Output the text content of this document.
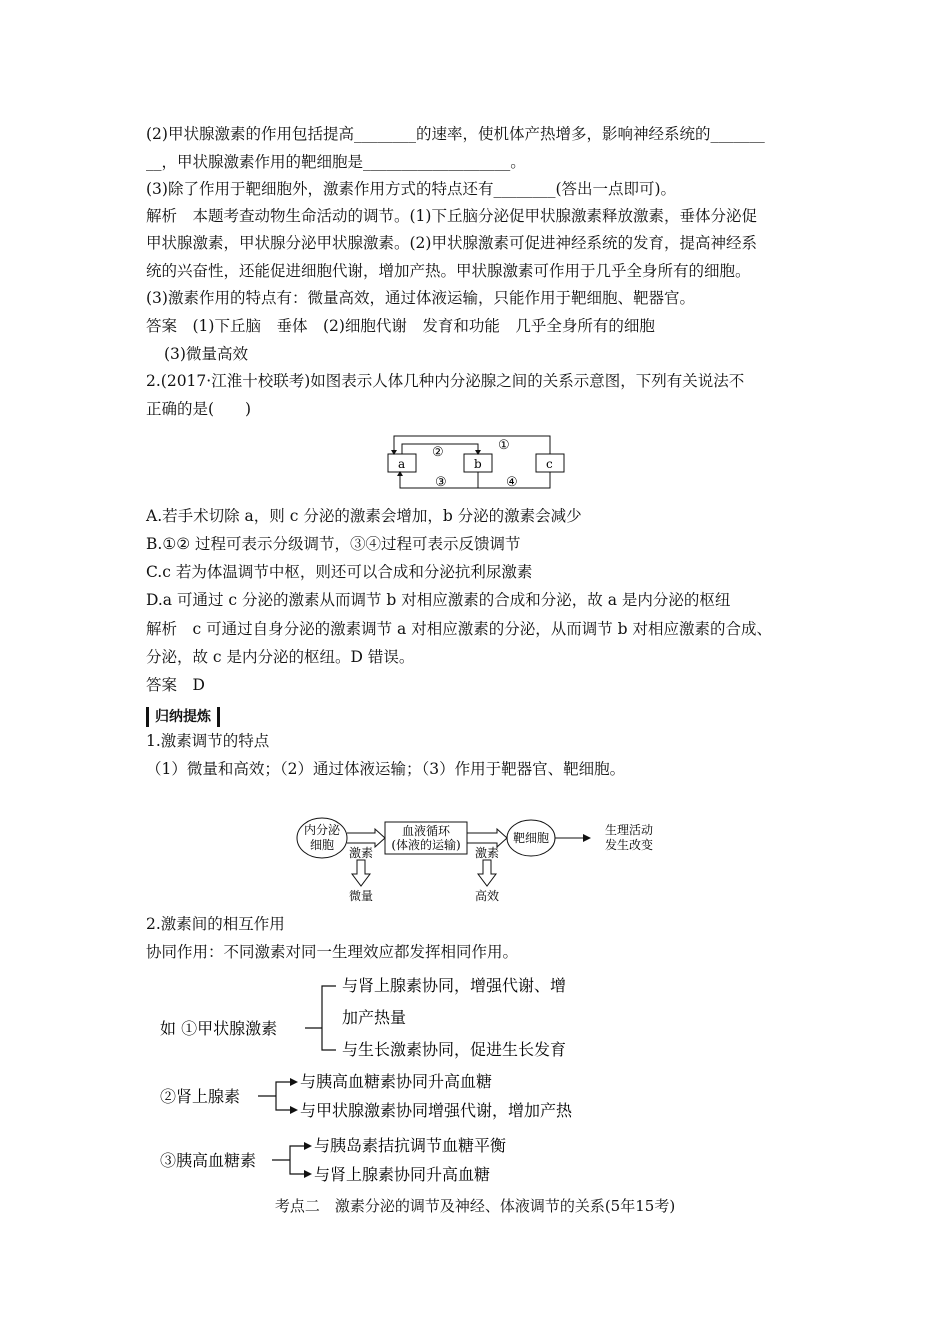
(2)甲状腺激素的作用包括提高________的速率，使机体产热增多，影响神经系统的_______
__，甲状腺激素作用的靶细胞是___________________。
(3)除了作用于靶细胞外，激素作用方式的特点还有________(答出一点即可)。
解析　本题考查动物生命活动的调节。(1)下丘脑分泌促甲状腺激素释放激素，垂体分泌促
甲状腺激素，甲状腺分泌甲状腺激素。(2)甲状腺激素可促进神经系统的发育，提高神经系
统的兴奋性，还能促进细胞代谢，增加产热。甲状腺激素可作用于几乎全身所有的细胞。
(3)激素作用的特点有：微量高效，通过体液运输，只能作用于靶细胞、靶器官。
答案　(1)下丘脑　垂体　(2)细胞代谢　发育和功能　几乎全身所有的细胞
(3)微量高效
2.(2017·江淮十校联考)如图表示人体几种内分泌腺之间的关系示意图，下列有关说法不
正确的是(　　)
a	b	c
①
②
③	④
A.若手术切除 a，则 c 分泌的激素会增加，b 分泌的激素会减少
B.①② 过程可表示分级调节，③④过程可表示反馈调节
C.c 若为体温调节中枢，则还可以合成和分泌抗利尿激素
D.a 可通过 c 分泌的激素从而调节 b 对相应激素的合成和分泌，故 a 是内分泌的枢纽
解析　c 可通过自身分泌的激素调节 a 对相应激素的分泌，从而调节 b 对相应激素的合成、
分泌，故 c 是内分泌的枢纽。D 错误。
答案　D
归纳提炼
1.激素调节的特点
（1）微量和高效；（2）通过体液运输；（3）作用于靶器官、靶细胞。
内分泌
细胞
血液循环
(体液的运输)	靶细胞
生理活动
发生改变
激素	激素
微量	高效
2.激素间的相互作用
协同作用：不同激素对同一生理效应都发挥相同作用。
如 ①甲状腺激素
与肾上腺素协同，增强代谢、增
加产热量
与生长激素协同，促进生长发育
②肾上腺素
与胰高血糖素协同升高血糖
与甲状腺激素协同增强代谢，增加产热
③胰高血糖素
与胰岛素拮抗调节血糖平衡
与肾上腺素协同升高血糖
考点二　激素分泌的调节及神经、体液调节的关系(5年15考)
